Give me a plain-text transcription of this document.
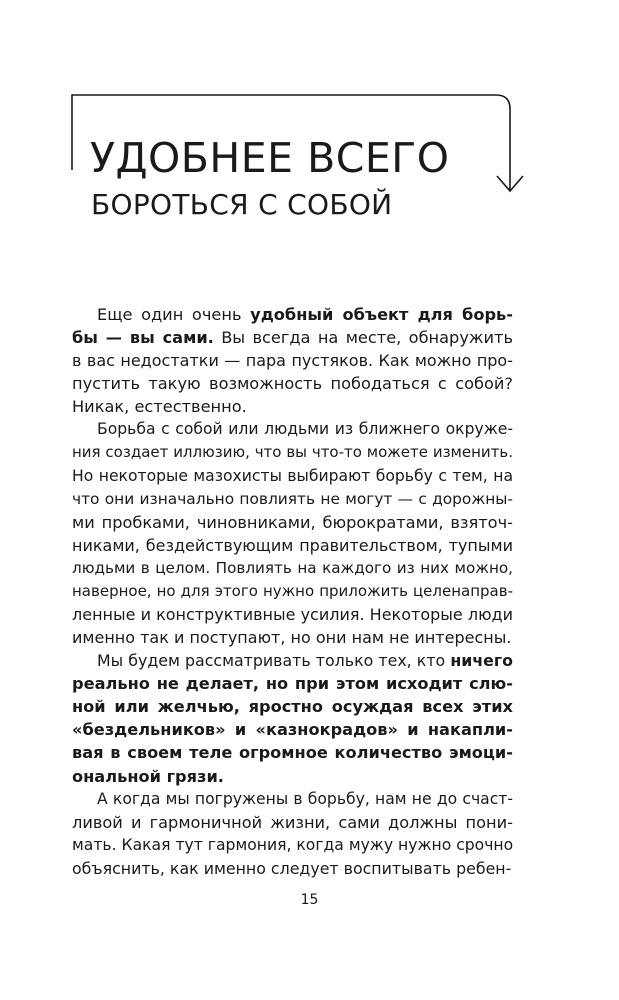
УДОБНЕЕ ВСЕГО
БОРОТЬСЯ С СОБОЙ
Еще один очень удобный объект для борь-
бы — вы сами. Вы всегда на месте, обнаружить
в вас недостатки — пара пустяков. Как можно про-
пустить такую возможность пободаться с собой?
Никак, естественно.
Борьба с собой или людьми из ближнего окруже-
ния создает иллюзию, что вы что-то можете изменить.
Но некоторые мазохисты выбирают борьбу с тем, на
что они изначально повлиять не могут — с дорожны-
ми пробками, чиновниками, бюрократами, взяточ-
никами, бездействующим правительством, тупыми
людьми в целом. Повлиять на каждого из них можно,
наверное, но для этого нужно приложить целенаправ-
ленные и конструктивные усилия. Некоторые люди
именно так и поступают, но они нам не интересны.
Мы будем рассматривать только тех, кто ничего
реально не делает, но при этом исходит слю-
ной или желчью, яростно осуждая всех этих
«бездельников» и «казнокрадов» и накапли-
вая в своем теле огромное количество эмоци-
ональной грязи.
А когда мы погружены в борьбу, нам не до счаст-
ливой и гармоничной жизни, сами должны пони-
мать. Какая тут гармония, когда мужу нужно срочно
объяснить, как именно следует воспитывать ребен-
15
